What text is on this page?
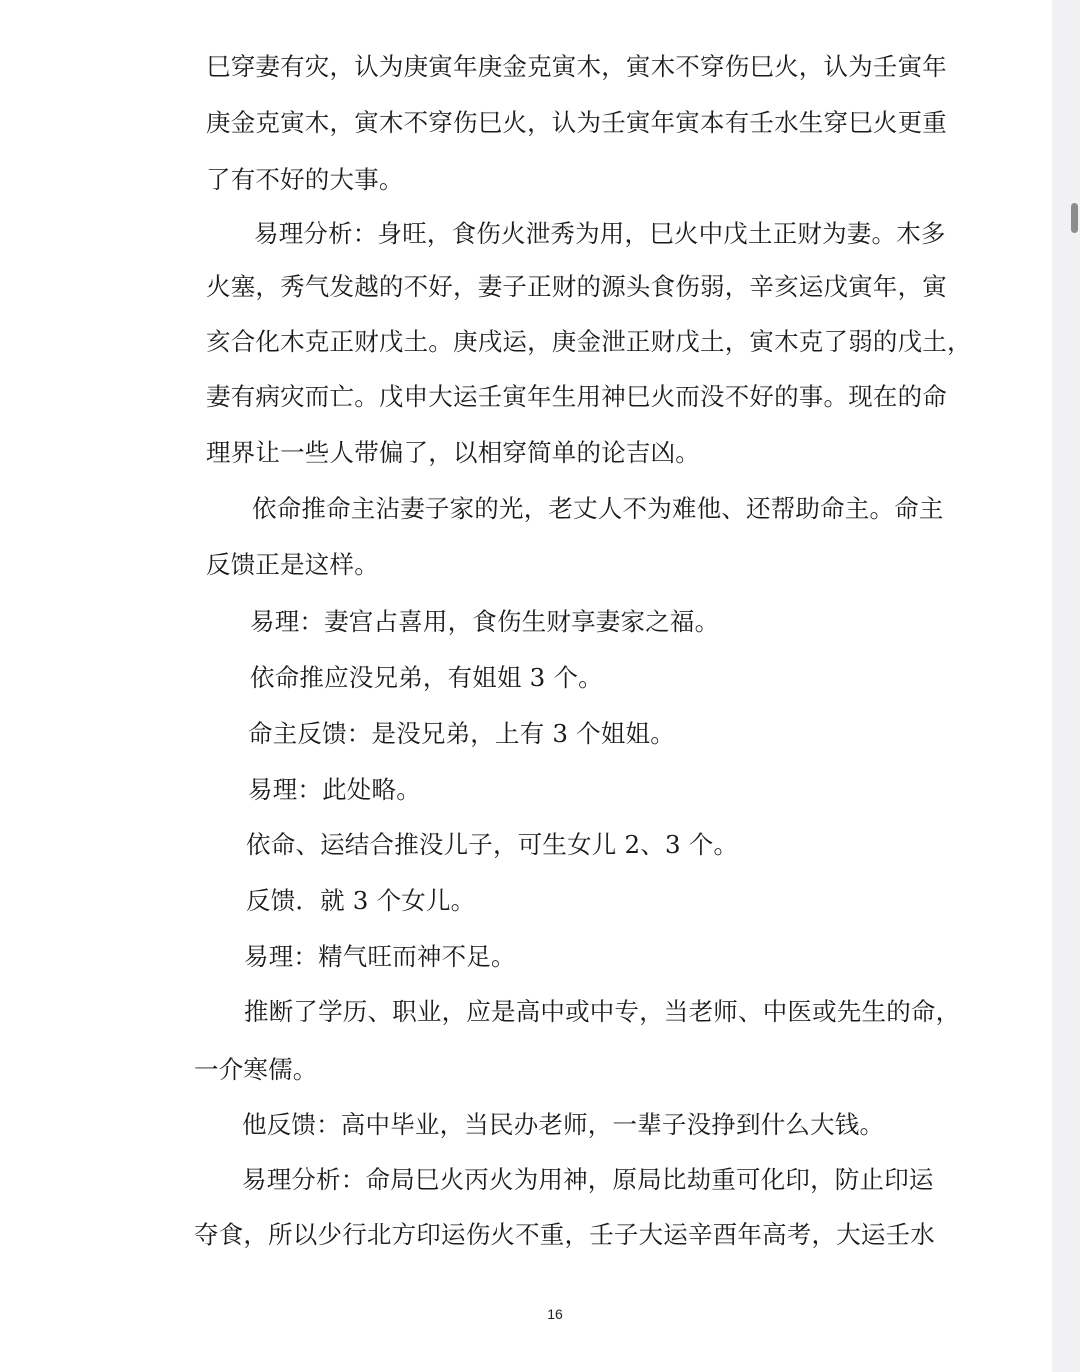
巳穿妻有灾，认为庚寅年庚金克寅木，寅木不穿伤巳火，认为壬寅年
庚金克寅木，寅木不穿伤巳火，认为壬寅年寅本有壬水生穿巳火更重
了有不好的大事。
易理分析：身旺，食伤火泄秀为用，巳火中戊土正财为妻。木多
火塞，秀气发越的不好，妻子正财的源头食伤弱，辛亥运戊寅年，寅
亥合化木克正财戊土。庚戌运，庚金泄正财戊土，寅木克了弱的戊土，
妻有病灾而亡。戊申大运壬寅年生用神巳火而没不好的事。现在的命
理界让一些人带偏了，以相穿简单的论吉凶。
依命推命主沾妻子家的光，老丈人不为难他、还帮助命主。命主
反馈正是这样。
易理：妻宫占喜用，食伤生财享妻家之福。
依命推应没兄弟，有姐姐 3 个。
命主反馈：是没兄弟，上有 3 个姐姐。
易理：此处略。
依命、运结合推没儿子，可生女儿 2、3 个。
反馈．就 3 个女儿。
易理：精气旺而神不足。
推断了学历、职业，应是高中或中专，当老师、中医或先生的命，
一介寒儒。
他反馈：高中毕业，当民办老师，一辈子没挣到什么大钱。
易理分析：命局巳火丙火为用神，原局比劫重可化印，防止印运
夺食，所以少行北方印运伤火不重，壬子大运辛酉年高考，大运壬水
16
